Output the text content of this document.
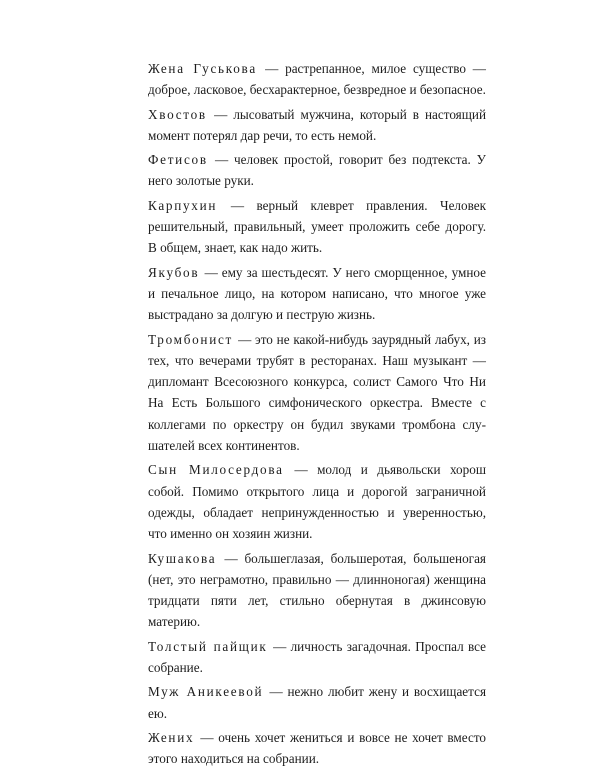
Жена Гуськова — растрепанное, милое существо — доброе, ласковое, бесхарактерное, безвредное и безопасное.

Хвостов — лысоватый мужчина, который в настоящий момент потерял дар речи, то есть немой.

Фетисов — человек простой, говорит без подтекста. У него золотые руки.

Карпухин — верный клеврет правления. Человек решительный, правильный, умеет проложить себе дорогу. В общем, знает, как надо жить.

Якубов — ему за шестьдесят. У него сморщенное, умное и печальное лицо, на котором написано, что многое уже выстрадано за долгую и пеструю жизнь.

Тромбонист — это не какой-нибудь заурядный лабух, из тех, что вечерами трубят в ресторанах. Наш музыкант — дипломант Всесоюзного конкурса, солист Самого Что Ни На Есть Большого симфонического оркестра. Вместе с коллегами по оркестру он будил звуками тромбона слушателей всех континентов.

Сын Милосердова — молод и дьявольски хорош собой. Помимо открытого лица и дорогой заграничной одежды, обладает непринужденностью и уверенностью, что именно он хозяин жизни.

Кушакова — большеглазая, большеротая, большеногая (нет, это неграмотно, правильно — длинноногая) женщина тридцати пяти лет, стильно обернутая в джинсовую материю.

Толстый пайщик — личность загадочная. Проспал все собрание.

Муж Аникеевой — нежно любит жену и восхищается ею.

Жених — очень хочет жениться и вовсе не хочет вместо этого находиться на собрании.
